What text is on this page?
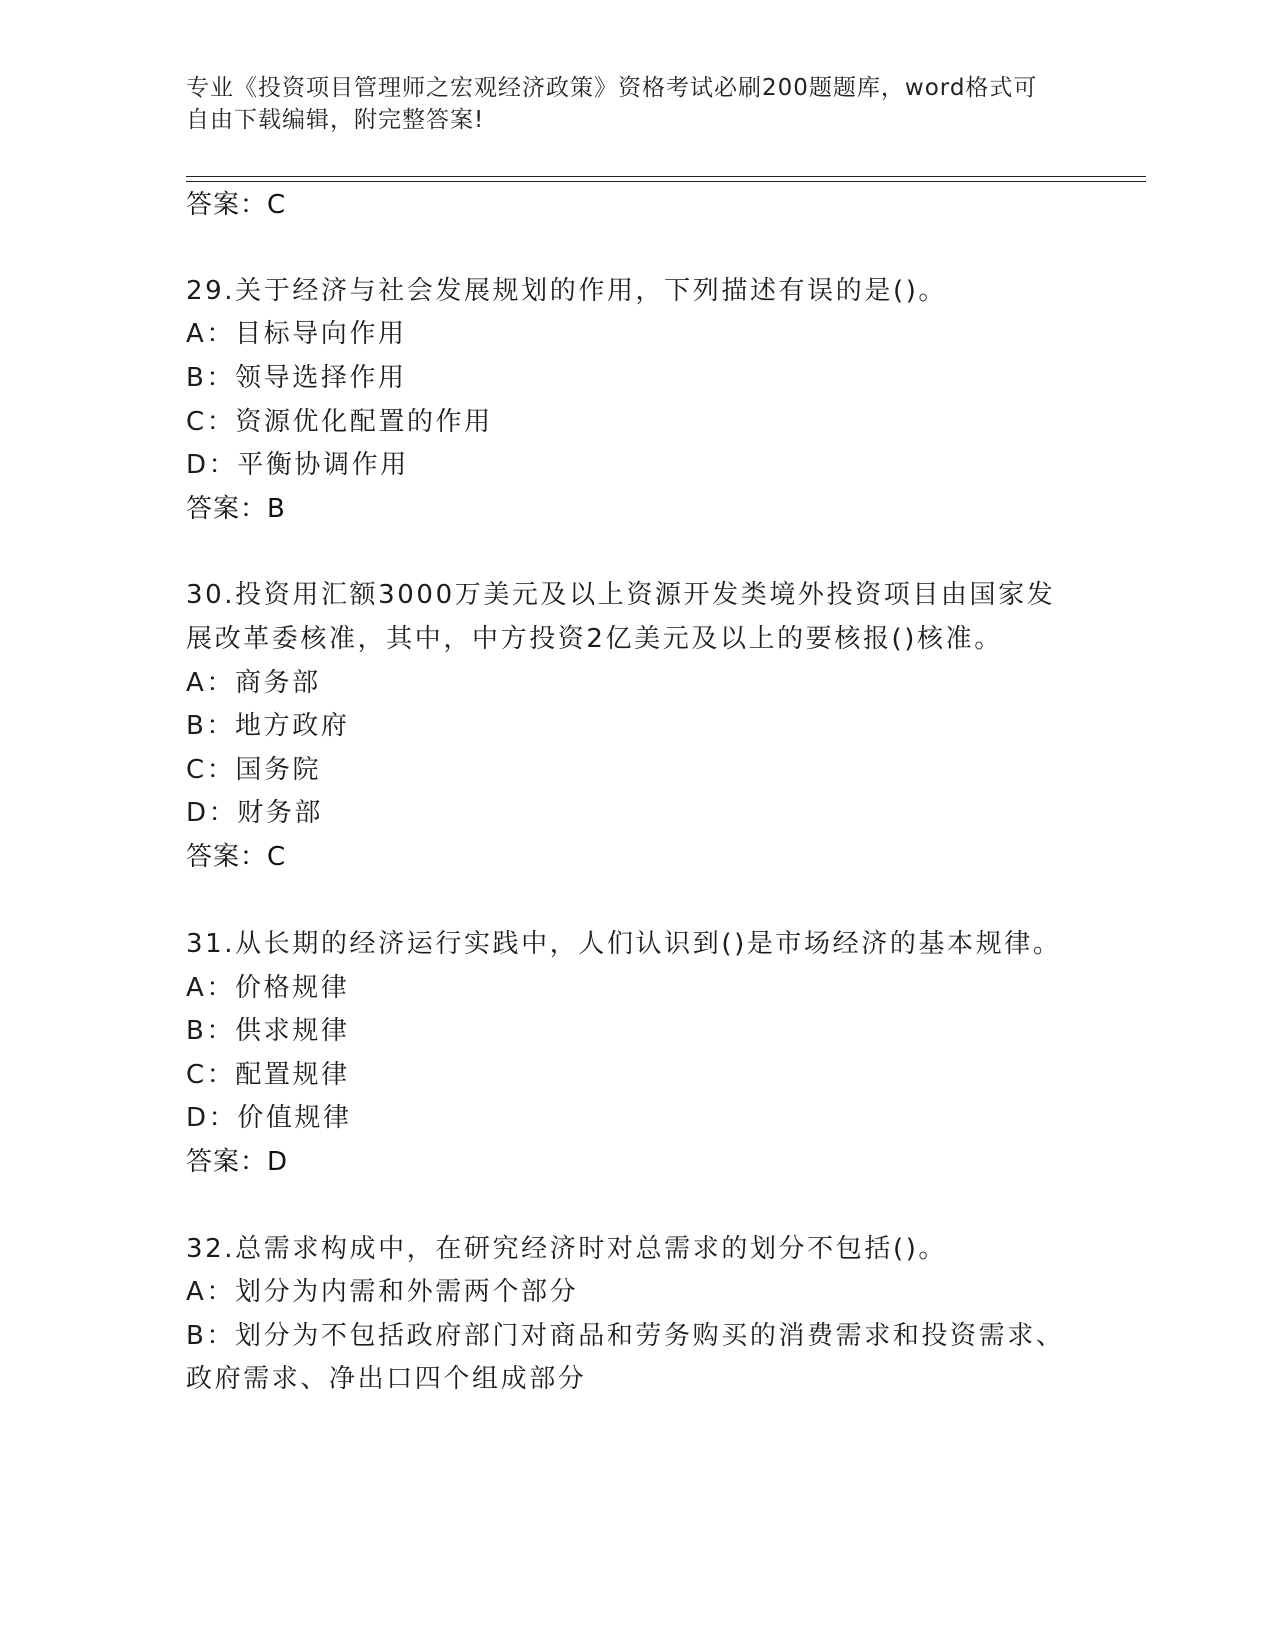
专业《投资项目管理师之宏观经济政策》资格考试必刷200题题库，word格式可
自由下载编辑，附完整答案!
答案：C
29.关于经济与社会发展规划的作用，下列描述有误的是()。
A：目标导向作用
B：领导选择作用
C：资源优化配置的作用
D：平衡协调作用
答案：B
30.投资用汇额3000万美元及以上资源开发类境外投资项目由国家发
展改革委核准，其中，中方投资2亿美元及以上的要核报()核准。
A：商务部
B：地方政府
C：国务院
D：财务部
答案：C
31.从长期的经济运行实践中，人们认识到()是市场经济的基本规律。
A：价格规律
B：供求规律
C：配置规律
D：价值规律
答案：D
32.总需求构成中，在研究经济时对总需求的划分不包括()。
A：划分为内需和外需两个部分
B：划分为不包括政府部门对商品和劳务购买的消费需求和投资需求、
政府需求、净出口四个组成部分
